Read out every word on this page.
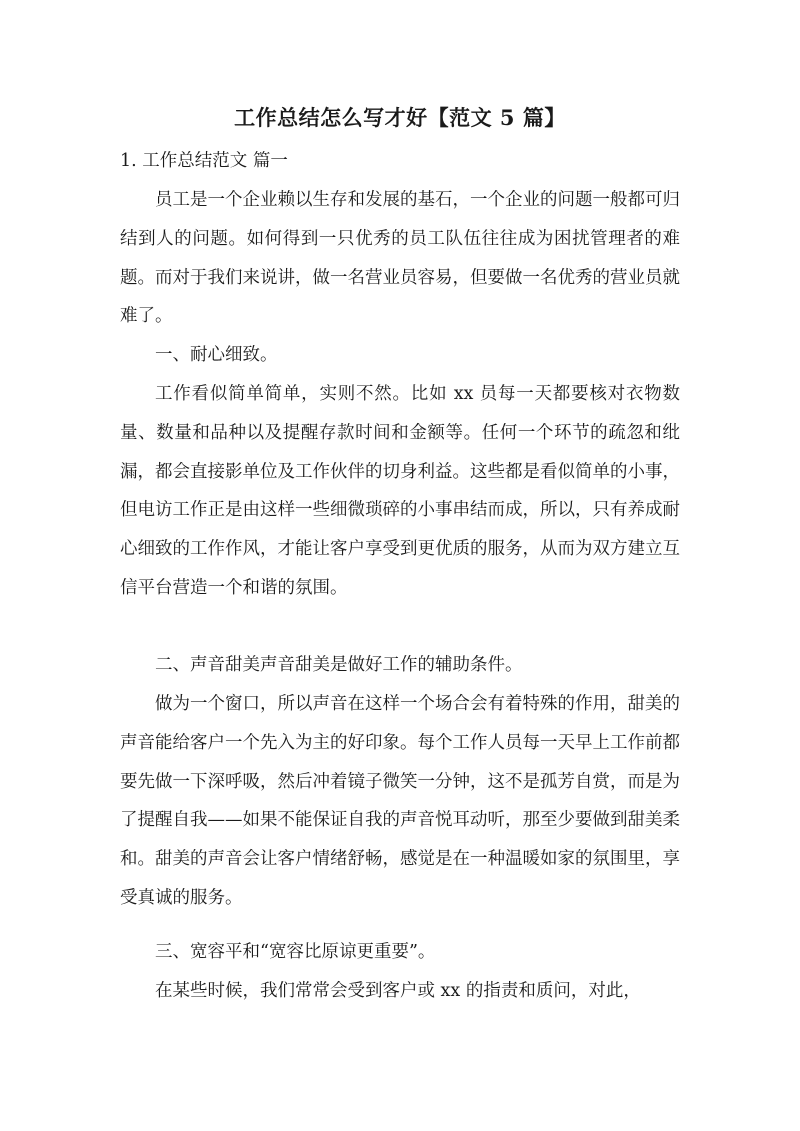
工作总结怎么写才好【范文 5 篇】
1. 工作总结范文 篇一

员工是一个企业赖以生存和发展的基石，一个企业的问题一般都可归结到人的问题。如何得到一只优秀的员工队伍往往成为困扰管理者的难题。而对于我们来说讲，做一名营业员容易，但要做一名优秀的营业员就难了。

一、耐心细致。

工作看似简单简单，实则不然。比如 xx 员每一天都要核对衣物数量、数量和品种以及提醒存款时间和金额等。任何一个环节的疏忽和纰漏，都会直接影单位及工作伙伴的切身利益。这些都是看似简单的小事，但电访工作正是由这样一些细微琐碎的小事串结而成，所以，只有养成耐心细致的工作作风，才能让客户享受到更优质的服务，从而为双方建立互信平台营造一个和谐的氛围。

二、声音甜美声音甜美是做好工作的辅助条件。

做为一个窗口，所以声音在这样一个场合会有着特殊的作用，甜美的声音能给客户一个先入为主的好印象。每个工作人员每一天早上工作前都要先做一下深呼吸，然后冲着镜子微笑一分钟，这不是孤芳自赏，而是为了提醒自我——如果不能保证自我的声音悦耳动听，那至少要做到甜美柔和。甜美的声音会让客户情绪舒畅，感觉是在一种温暖如家的氛围里，享受真诚的服务。

三、宽容平和“宽容比原谅更重要”。

在某些时候，我们常常会受到客户或 xx 的指责和质问，对此，
